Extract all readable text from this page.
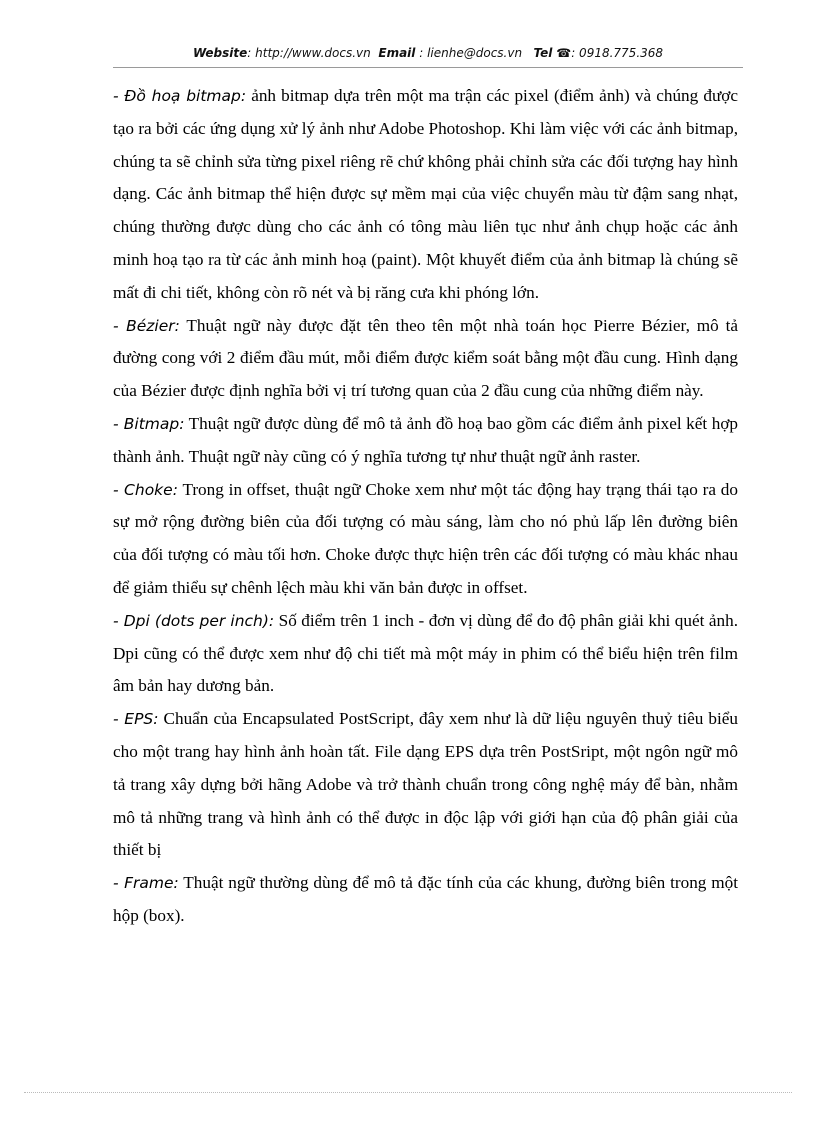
Website: http://www.docs.vn Email : lienhe@docs.vn Tel ☎: 0918.775.368

- Đồ hoạ bitmap: ảnh bitmap dựa trên một ma trận các pixel (điểm ảnh) và chúng được tạo ra bởi các ứng dụng xử lý ảnh như Adobe Photoshop. Khi làm việc với các ảnh bitmap, chúng ta sẽ chỉnh sửa từng pixel riêng rẽ chứ không phải chỉnh sửa các đối tượng hay hình dạng. Các ảnh bitmap thể hiện được sự mềm mại của việc chuyển màu từ đậm sang nhạt, chúng thường được dùng cho các ảnh có tông màu liên tục như ảnh chụp hoặc các ảnh minh hoạ tạo ra từ các ảnh minh hoạ (paint). Một khuyết điểm của ảnh bitmap là chúng sẽ mất đi chi tiết, không còn rõ nét và bị răng cưa khi phóng lớn.

- Bézier: Thuật ngữ này được đặt tên theo tên một nhà toán học Pierre Bézier, mô tả đường cong với 2 điểm đầu mút, mỗi điểm được kiểm soát bằng một đầu cung. Hình dạng của Bézier được định nghĩa bởi vị trí tương quan của 2 đầu cung của những điểm này.

- Bitmap: Thuật ngữ được dùng để mô tả ảnh đồ hoạ bao gồm các điểm ảnh pixel kết hợp thành ảnh. Thuật ngữ này cũng có ý nghĩa tương tự như thuật ngữ ảnh raster.

- Choke: Trong in offset, thuật ngữ Choke xem như một tác động hay trạng thái tạo ra do sự mở rộng đường biên của đối tượng có màu sáng, làm cho nó phủ lấp lên đường biên của đối tượng có màu tối hơn. Choke được thực hiện trên các đối tượng có màu khác nhau để giảm thiểu sự chênh lệch màu khi văn bản được in offset.

- Dpi (dots per inch): Số điểm trên 1 inch - đơn vị dùng để đo độ phân giải khi quét ảnh. Dpi cũng có thể được xem như độ chi tiết mà một máy in phim có thể biểu hiện trên film âm bản hay dương bản.

- EPS: Chuẩn của Encapsulated PostScript, đây xem như là dữ liệu nguyên thuỷ tiêu biểu cho một trang hay hình ảnh hoàn tất. File dạng EPS dựa trên PostSript, một ngôn ngữ mô tả trang xây dựng bởi hãng Adobe và trở thành chuẩn trong công nghệ máy để bàn, nhằm mô tả những trang và hình ảnh có thể được in độc lập với giới hạn của độ phân giải của thiết bị

- Frame: Thuật ngữ thường dùng để mô tả đặc tính của các khung, đường biên trong một hộp (box).
